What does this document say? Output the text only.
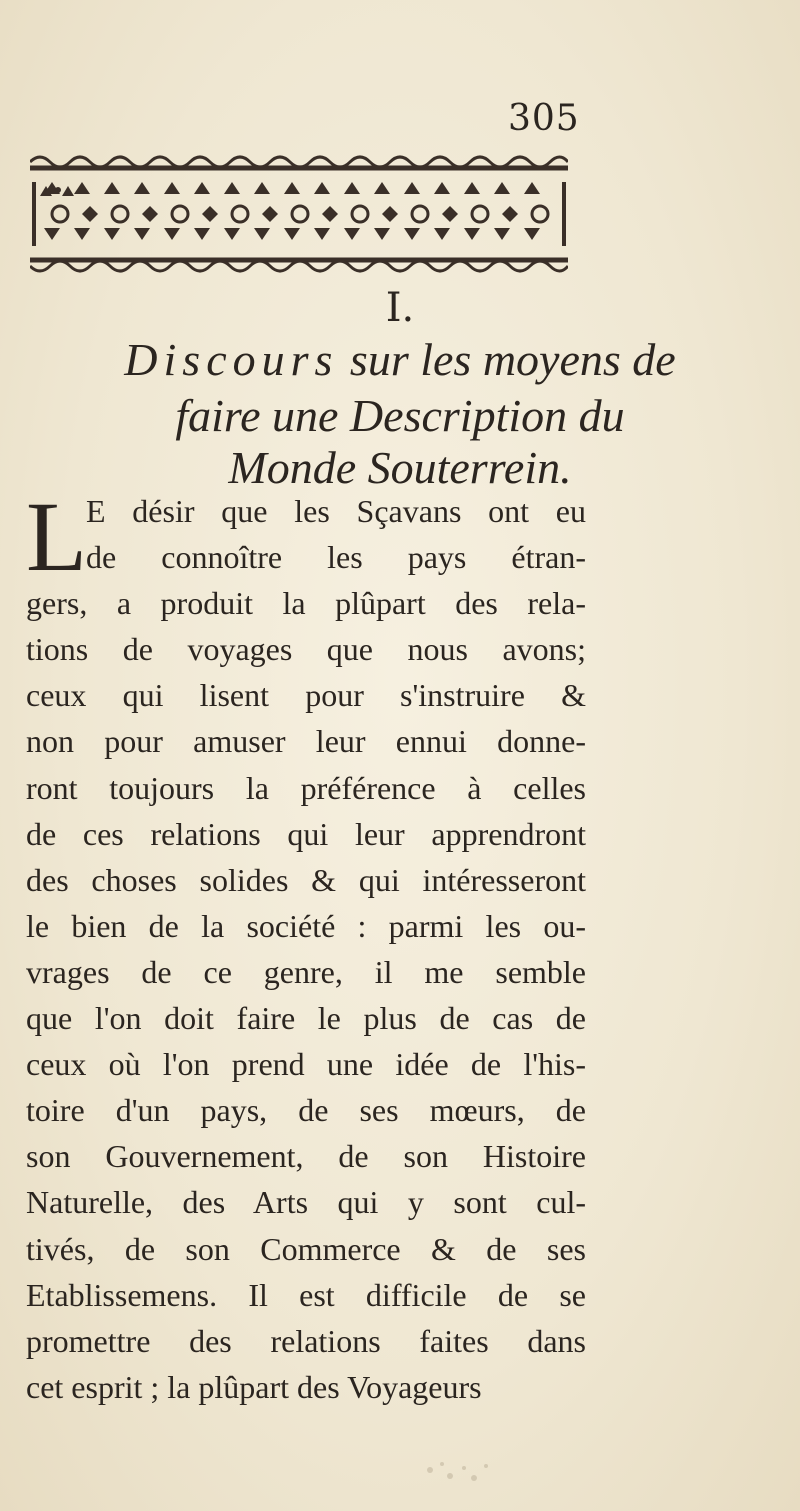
305
I.
Discours sur les moyens de
faire une Description du
Monde Souterrein.
L
E désir que les Sçavans ont eu
de connoître les pays étran-
gers, a produit la plûpart des rela-
tions de voyages que nous avons;
ceux qui lisent pour s'instruire &
non pour amuser leur ennui donne-
ront toujours la préférence à celles
de ces relations qui leur apprendront
des choses solides & qui intéresseront
le bien de la société : parmi les ou-
vrages de ce genre, il me semble
que l'on doit faire le plus de cas de
ceux où l'on prend une idée de l'his-
toire d'un pays, de ses mœurs, de
son Gouvernement, de son Histoire
Naturelle, des Arts qui y sont cul-
tivés, de son Commerce & de ses
Etablissemens. Il est difficile de se
promettre des relations faites dans
cet esprit ; la plûpart des Voyageurs
